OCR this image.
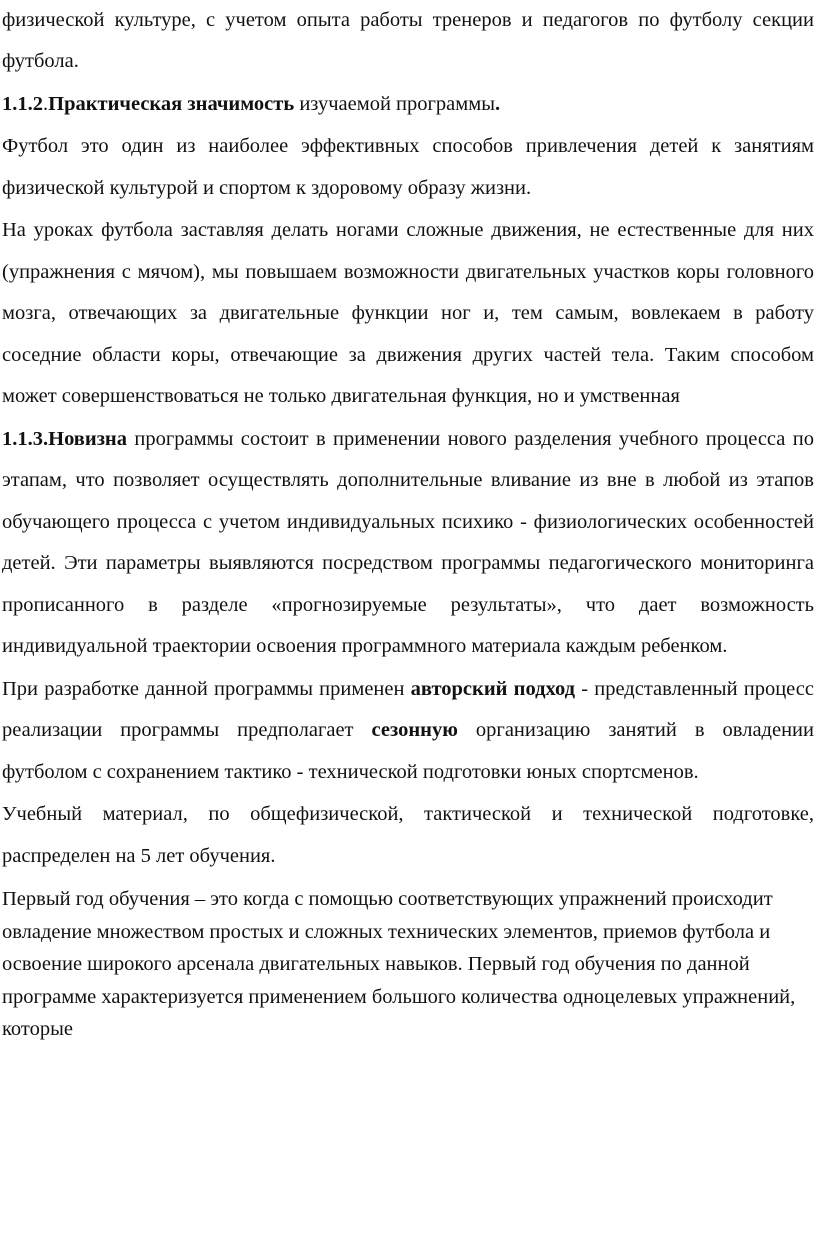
физической культуре, с учетом опыта работы тренеров и педагогов по футболу секции футбола.

1.1.2.Практическая значимость изучаемой программы.

Футбол это один из наиболее эффективных способов привлечения детей к занятиям физической культурой и спортом к здоровому образу жизни.

На уроках футбола заставляя делать ногами сложные движения, не естественные для них (упражнения с мячом), мы повышаем возможности двигательных участков коры головного мозга, отвечающих за двигательные функции ног и, тем самым, вовлекаем в работу соседние области коры, отвечающие за движения других частей тела. Таким способом может совершенствоваться не только двигательная функция, но и умственная

1.1.3.Новизна программы состоит в применении нового разделения учебного процесса по этапам, что позволяет осуществлять дополнительные вливание из вне в любой из этапов обучающего процесса с учетом индивидуальных психико - физиологических особенностей детей. Эти параметры выявляются посредством программы педагогического мониторинга прописанного в разделе «прогнозируемые результаты», что дает возможность индивидуальной траектории освоения программного материала каждым ребенком.

При разработке данной программы применен авторский подход - представленный процесс реализации программы предполагает сезонную организацию занятий в овладении футболом с сохранением тактико - технической подготовки юных спортсменов.

Учебный материал, по общефизической, тактической и технической подготовке, распределен на 5 лет обучения.

Первый год обучения – это когда с помощью соответствующих упражнений происходит овладение множеством простых и сложных технических элементов, приемов футбола и освоение широкого арсенала двигательных навыков. Первый год обучения по данной программе характеризуется применением большого количества одноцелевых упражнений, которые
